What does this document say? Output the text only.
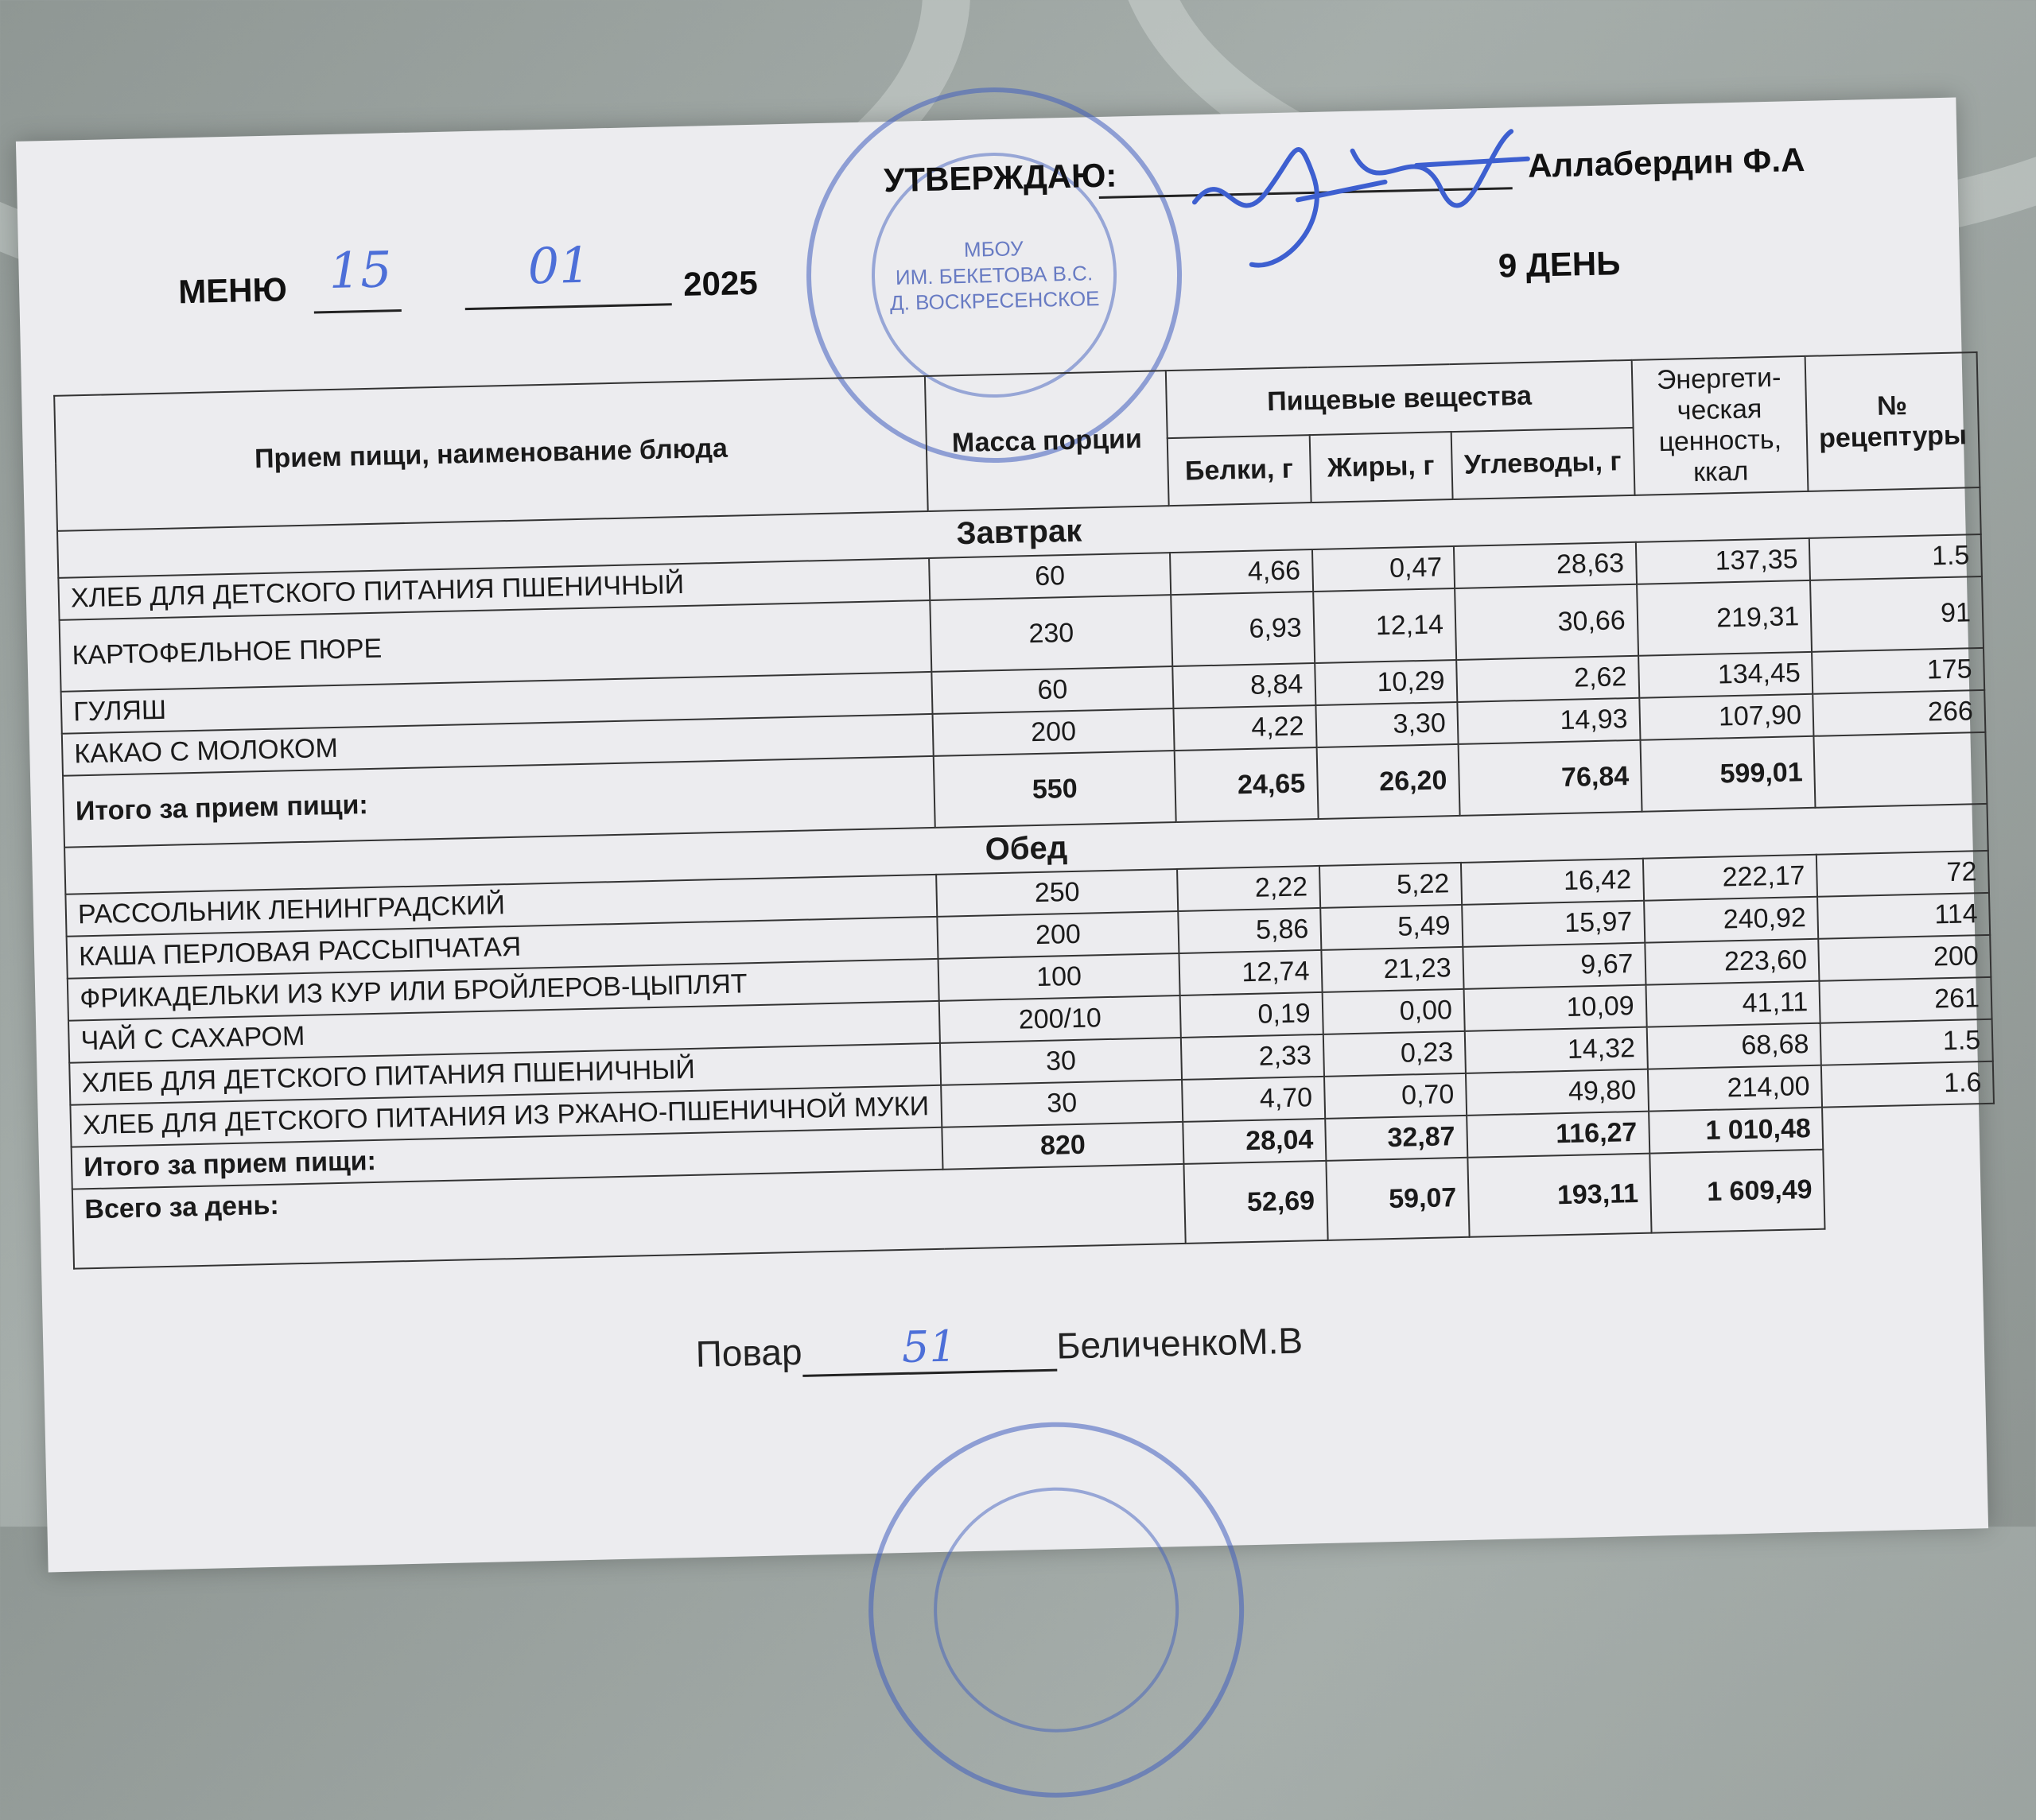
МБОУ
ИМ. БЕКЕТОВА В.С.
Д. ВОСКРЕСЕНСКОЕ
УТВЕРЖДАЮ:	Аллабердин Ф.А
МЕНЮ 15	01	2025	9 ДЕНЬ
Прием пищи, наименование блюда	Масса порции	Пищевые вещества			Энергети-ческая ценность, ккал	№ рецептуры
		Белки, г	Жиры, г	Углеводы, г		
Завтрак						
ХЛЕБ ДЛЯ ДЕТСКОГО ПИТАНИЯ ПШЕНИЧНЫЙ	60	4,66	0,47	28,63	137,35	1.5
КАРТОФЕЛЬНОЕ ПЮРЕ	230	6,93	12,14	30,66	219,31	91
ГУЛЯШ	60	8,84	10,29	2,62	134,45	175
КАКАО С МОЛОКОМ	200	4,22	3,30	14,93	107,90	266
Итого за прием пищи:	550	24,65	26,20	76,84	599,01	
Обед						
РАССОЛЬНИК ЛЕНИНГРАДСКИЙ	250	2,22	5,22	16,42	222,17	72
КАША ПЕРЛОВАЯ РАССЫПЧАТАЯ	200	5,86	5,49	15,97	240,92	114
ФРИКАДЕЛЬКИ ИЗ КУР ИЛИ БРОЙЛЕРОВ-ЦЫПЛЯТ	100	12,74	21,23	9,67	223,60	200
ЧАЙ С САХАРОМ	200/10	0,19	0,00	10,09	41,11	261
ХЛЕБ ДЛЯ ДЕТСКОГО ПИТАНИЯ ПШЕНИЧНЫЙ	30	2,33	0,23	14,32	68,68	1.5
ХЛЕБ ДЛЯ ДЕТСКОГО ПИТАНИЯ ИЗ РЖАНО-ПШЕНИЧНОЙ МУКИ	30	4,70	0,70	49,80	214,00	1.6
Итого за прием пищи:	820	28,04	32,87	116,27	1 010,48	
Всего за день:		52,69	59,07	193,11	1 609,49	
Повар 51	БеличенкоМ.В
